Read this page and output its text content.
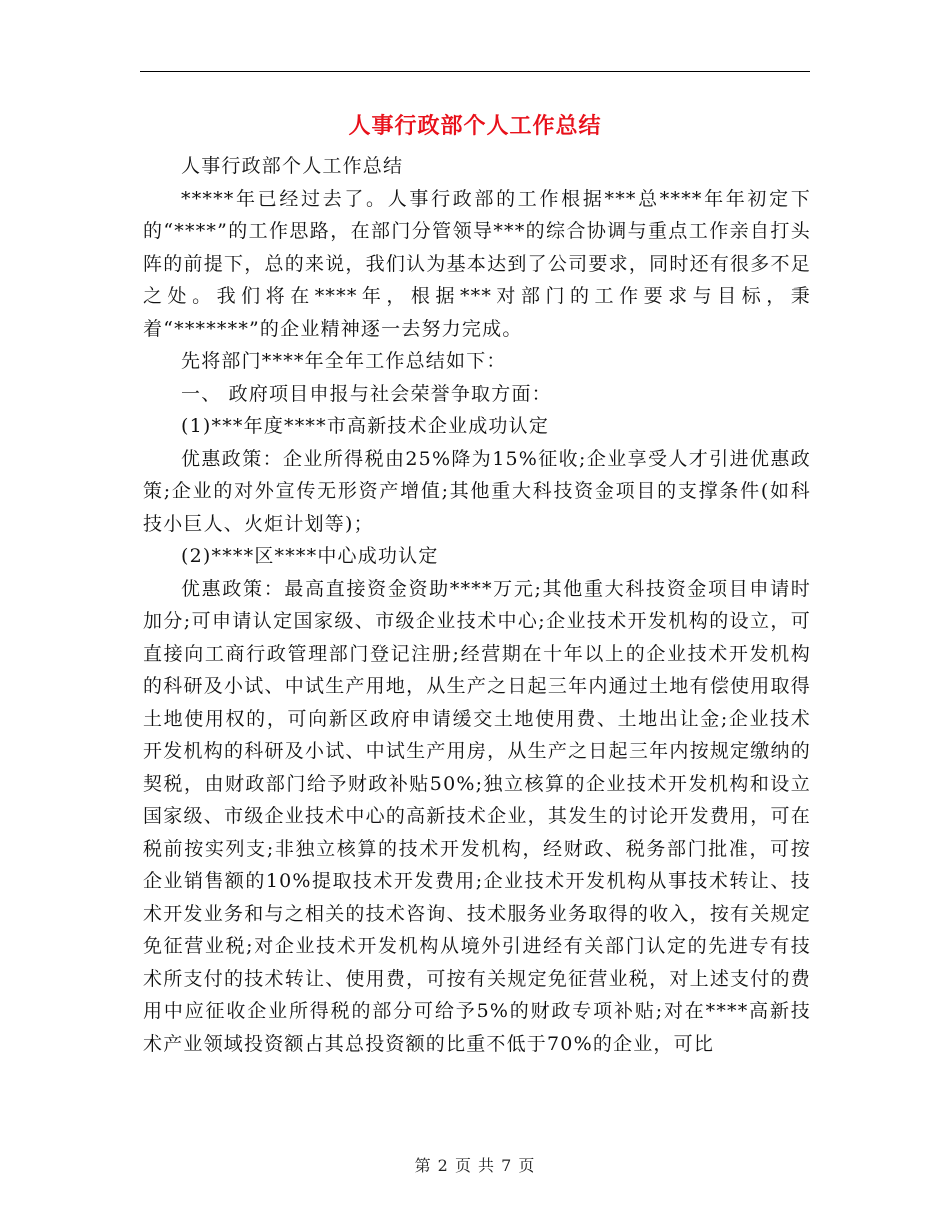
人事行政部个人工作总结

人事行政部个人工作总结

*****年已经过去了。人事行政部的工作根据***总****年年初定下的“****”的工作思路，在部门分管领导***的综合协调与重点工作亲自打头阵的前提下，总的来说，我们认为基本达到了公司要求，同时还有很多不足之处。我们将在****年，根据***对部门的工作要求与目标，秉着“*******”的企业精神逐一去努力完成。

先将部门****年全年工作总结如下：

一、 政府项目申报与社会荣誉争取方面：

(1)***年度****市高新技术企业成功认定

优惠政策：企业所得税由25%降为15%征收;企业享受人才引进优惠政策;企业的对外宣传无形资产增值;其他重大科技资金项目的支撑条件(如科技小巨人、火炬计划等)；

(2)****区****中心成功认定

优惠政策：最高直接资金资助****万元;其他重大科技资金项目申请时加分;可申请认定国家级、市级企业技术中心;企业技术开发机构的设立，可直接向工商行政管理部门登记注册;经营期在十年以上的企业技术开发机构的科研及小试、中试生产用地，从生产之日起三年内通过土地有偿使用取得土地使用权的，可向新区政府申请缓交土地使用费、土地出让金;企业技术开发机构的科研及小试、中试生产用房，从生产之日起三年内按规定缴纳的契税，由财政部门给予财政补贴50%;独立核算的企业技术开发机构和设立国家级、市级企业技术中心的高新技术企业，其发生的讨论开发费用，可在税前按实列支;非独立核算的技术开发机构，经财政、税务部门批准，可按企业销售额的10%提取技术开发费用;企业技术开发机构从事技术转让、技术开发业务和与之相关的技术咨询、技术服务业务取得的收入，按有关规定免征营业税;对企业技术开发机构从境外引进经有关部门认定的先进专有技术所支付的技术转让、使用费，可按有关规定免征营业税，对上述支付的费用中应征收企业所得税的部分可给予5%的财政专项补贴;对在****高新技术产业领域投资额占其总投资额的比重不低于70%的企业，可比

第 2 页 共 7 页
